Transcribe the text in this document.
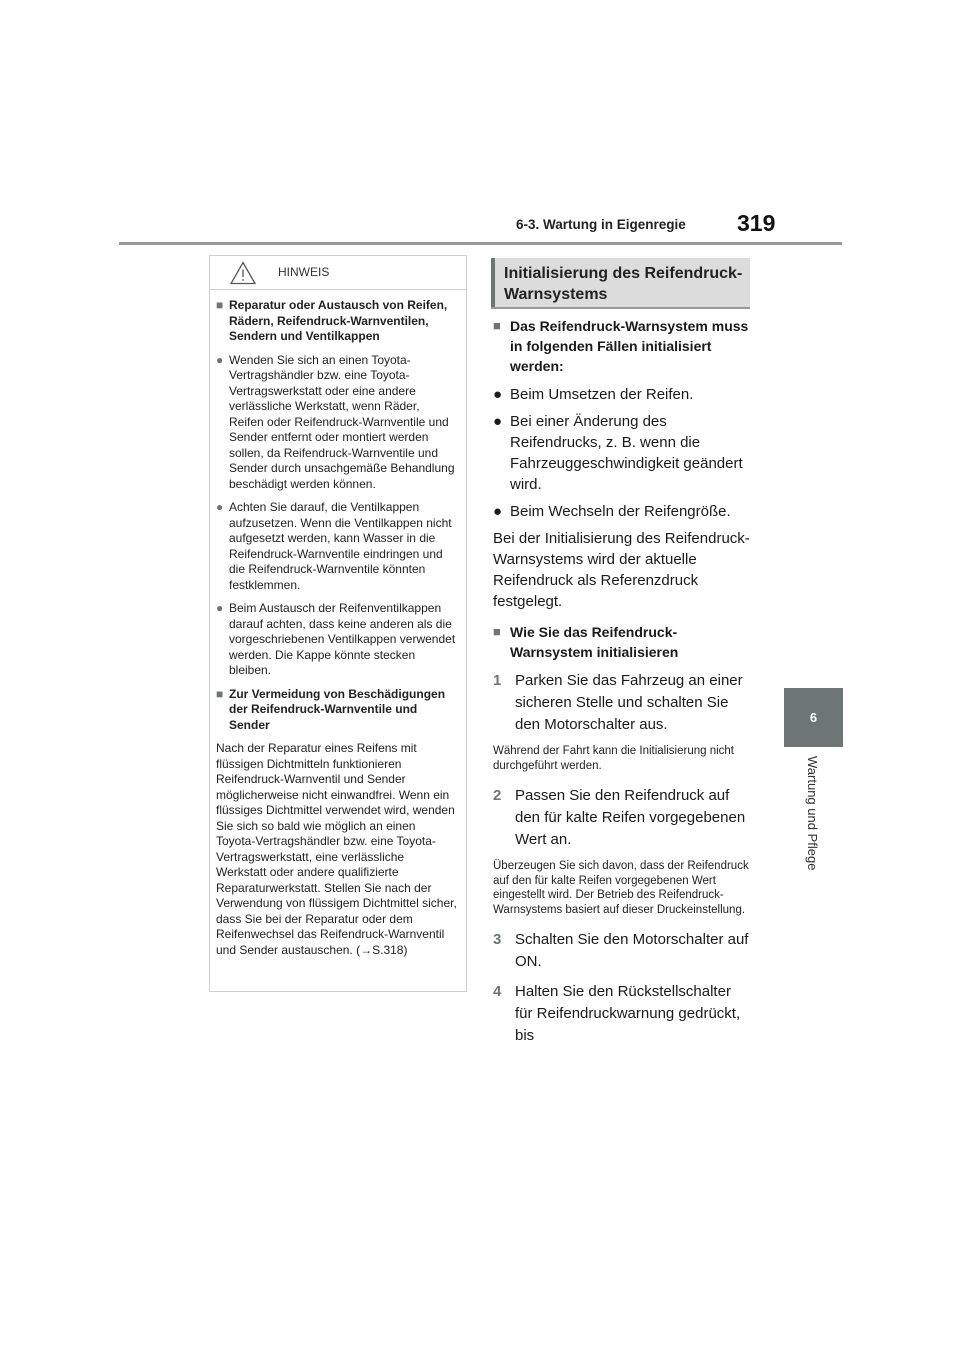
6-3. Wartung in Eigenregie 319
6
Wartung und Pflege
HINWEIS
■ Reparatur oder Austausch von Reifen, Rädern, Reifendruck-Warnventilen, Sendern und Ventilkappen
● Wenden Sie sich an einen Toyota-Vertragshändler bzw. eine Toyota-Vertragswerkstatt oder eine andere verlässliche Werkstatt, wenn Räder, Reifen oder Reifendruck-Warnventile und Sender entfernt oder montiert werden sollen, da Reifendruck-Warnventile und Sender durch unsachgemäße Behandlung beschädigt werden können.
● Achten Sie darauf, die Ventilkappen aufzusetzen. Wenn die Ventilkappen nicht aufgesetzt werden, kann Wasser in die Reifendruck-Warnventile eindringen und die Reifendruck-Warnventile könnten festklemmen.
● Beim Austausch der Reifenventilkappen darauf achten, dass keine anderen als die vorgeschriebenen Ventilkappen verwendet werden. Die Kappe könnte stecken bleiben.
■ Zur Vermeidung von Beschädigungen der Reifendruck-Warnventile und Sender
Nach der Reparatur eines Reifens mit flüssigen Dichtmitteln funktionieren Reifendruck-Warnventil und Sender möglicherweise nicht einwandfrei. Wenn ein flüssiges Dichtmittel verwendet wird, wenden Sie sich so bald wie möglich an einen Toyota-Vertragshändler bzw. eine Toyota-Vertragswerkstatt, eine verlässliche Werkstatt oder andere qualifizierte Reparaturwerkstatt. Stellen Sie nach der Verwendung von flüssigem Dichtmittel sicher, dass Sie bei der Reparatur oder dem Reifenwechsel das Reifendruck-Warnventil und Sender austauschen. (→S.318)
Initialisierung des Reifendruck-Warnsystems
■ Das Reifendruck-Warnsystem muss in folgenden Fällen initialisiert werden:
● Beim Umsetzen der Reifen.
● Bei einer Änderung des Reifendrucks, z. B. wenn die Fahrzeuggeschwindigkeit geändert wird.
● Beim Wechseln der Reifengröße.

Bei der Initialisierung des Reifendruck-Warnsystems wird der aktuelle Reifendruck als Referenzdruck festgelegt.

■ Wie Sie das Reifendruck-Warnsystem initialisieren
1 Parken Sie das Fahrzeug an einer sicheren Stelle und schalten Sie den Motorschalter aus.

Während der Fahrt kann die Initialisierung nicht durchgeführt werden.

2 Passen Sie den Reifendruck auf den für kalte Reifen vorgegebenen Wert an.

Überzeugen Sie sich davon, dass der Reifendruck auf den für kalte Reifen vorgegebenen Wert eingestellt wird. Der Betrieb des Reifendruck-Warnsystems basiert auf dieser Druckeinstellung.

3 Schalten Sie den Motorschalter auf ON.
4 Halten Sie den Rückstellschalter für Reifendruckwarnung gedrückt, bis
